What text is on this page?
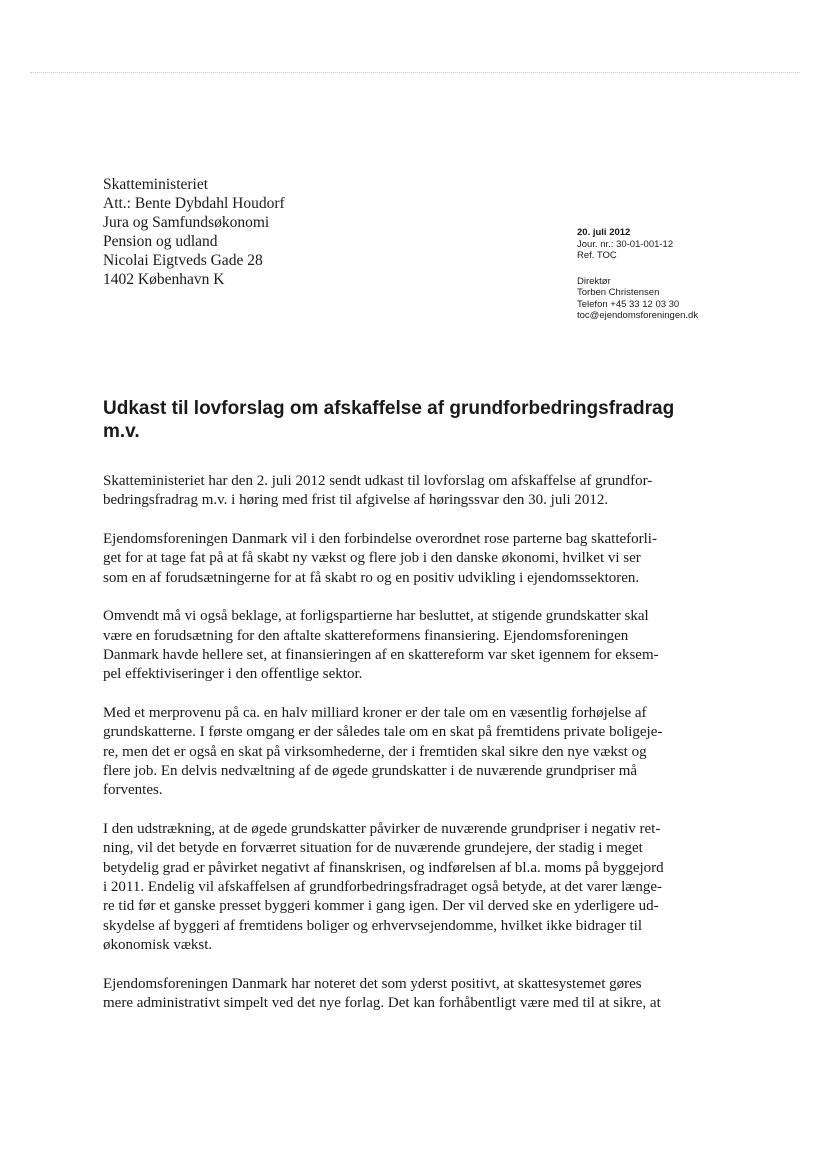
Skatteministeriet
Att.: Bente Dybdahl Houdorf
Jura og Samfundsøkonomi
Pension og udland
Nicolai Eigtveds Gade 28
1402 København K
20. juli 2012
Jour. nr.: 30-01-001-12
Ref. TOC
Direktør
Torben Christensen
Telefon +45 33 12 03 30
toc@ejendomsforeningen.dk
Udkast til lovforslag om afskaffelse af grundforbedringsfradrag
m.v.

Skatteministeriet har den 2. juli 2012 sendt udkast til lovforslag om afskaffelse af grundfor-
bedringsfradrag m.v. i høring med frist til afgivelse af høringssvar den 30. juli 2012.

Ejendomsforeningen Danmark vil i den forbindelse overordnet rose parterne bag skatteforli-
get for at tage fat på at få skabt ny vækst og flere job i den danske økonomi, hvilket vi ser
som en af forudsætningerne for at få skabt ro og en positiv udvikling i ejendomssektoren.

Omvendt må vi også beklage, at forligspartierne har besluttet, at stigende grundskatter skal
være en forudsætning for den aftalte skattereformens finansiering. Ejendomsforeningen
Danmark havde hellere set, at finansieringen af en skattereform var sket igennem for eksem-
pel effektiviseringer i den offentlige sektor.

Med et merprovenu på ca. en halv milliard kroner er der tale om en væsentlig forhøjelse af
grundskatterne. I første omgang er der således tale om en skat på fremtidens private boligeje-
re, men det er også en skat på virksomhederne, der i fremtiden skal sikre den nye vækst og
flere job. En delvis nedvæltning af de øgede grundskatter i de nuværende grundpriser må
forventes.

I den udstrækning, at de øgede grundskatter påvirker de nuværende grundpriser i negativ ret-
ning, vil det betyde en forværret situation for de nuværende grundejere, der stadig i meget
betydelig grad er påvirket negativt af finanskrisen, og indførelsen af bl.a. moms på byggejord
i 2011. Endelig vil afskaffelsen af grundforbedringsfradraget også betyde, at det varer længe-
re tid før et ganske presset byggeri kommer i gang igen. Der vil derved ske en yderligere ud-
skydelse af byggeri af fremtidens boliger og erhvervsejendomme, hvilket ikke bidrager til
økonomisk vækst.

Ejendomsforeningen Danmark har noteret det som yderst positivt, at skattesystemet gøres
mere administrativt simpelt ved det nye forlag. Det kan forhåbentligt være med til at sikre, at
